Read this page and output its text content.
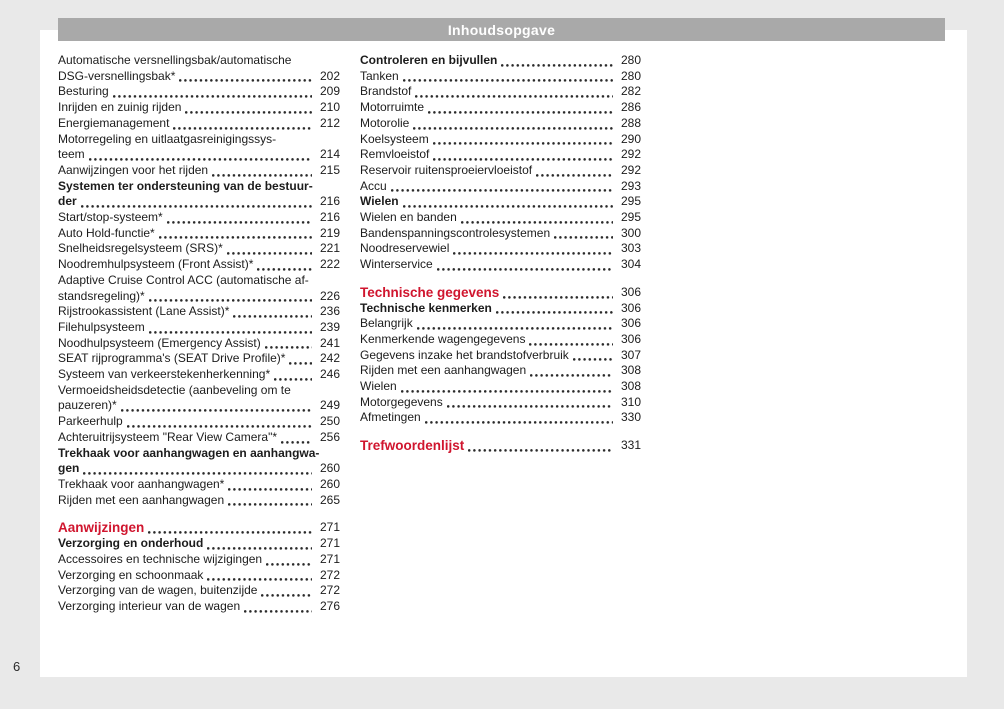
Inhoudsopgave
Automatische versnellingsbak/automatische
DSG-versnellingsbak*	202
Besturing	209
Inrijden en zuinig rijden	210
Energiemanagement	212
Motorregeling en uitlaatgasreinigingssys-
teem	214
Aanwijzingen voor het rijden	215
Systemen ter ondersteuning van de bestuur-
der	216
Start/stop-systeem*	216
Auto Hold-functie*	219
Snelheidsregelsysteem (SRS)*	221
Noodremhulpsysteem (Front Assist)*	222
Adaptive Cruise Control ACC (automatische af-
standsregeling)*	226
Rijstrookassistent (Lane Assist)*	236
Filehulpsysteem	239
Noodhulpsysteem (Emergency Assist)	241
SEAT rijprogramma's (SEAT Drive Profile)*	242
Systeem van verkeerstekenherkenning*	246
Vermoeidsheidsdetectie (aanbeveling om te
pauzeren)*	249
Parkeerhulp	250
Achteruitrijsysteem "Rear View Camera"*	256
Trekhaak voor aanhangwagen en aanhangwa-
gen	260
Trekhaak voor aanhangwagen*	260
Rijden met een aanhangwagen	265
Aanwijzingen	271
Verzorging en onderhoud	271
Accessoires en technische wijzigingen	271
Verzorging en schoonmaak	272
Verzorging van de wagen, buitenzijde	272
Verzorging interieur van de wagen	276
Controleren en bijvullen	280
Tanken	280
Brandstof	282
Motorruimte	286
Motorolie	288
Koelsysteem	290
Remvloeistof	292
Reservoir ruitensproeiervloeistof	292
Accu	293
Wielen	295
Wielen en banden	295
Bandenspanningscontrolesystemen	300
Noodreservewiel	303
Winterservice	304
Technische gegevens	306
Technische kenmerken	306
Belangrijk	306
Kenmerkende wagengegevens	306
Gegevens inzake het brandstofverbruik	307
Rijden met een aanhangwagen	308
Wielen	308
Motorgegevens	310
Afmetingen	330
Trefwoordenlijst	331
6
